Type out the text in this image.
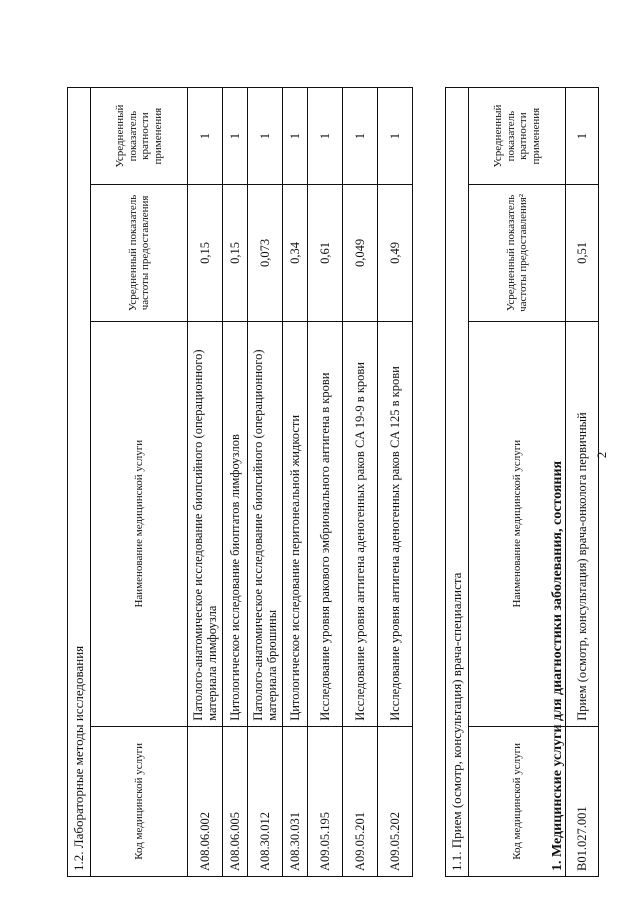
2
1. Медицинские услуги для диагностики заболевания, состояния
1.1. Прием (осмотр, консультация) врача-специалиста			
Код медицинской услуги	Наименование медицинской услуги	Усредненный показатель частоты предоставления²	Усредненный показатель кратности применения
B01.027.001	Прием (осмотр, консультация) врача-онколога первичный	0,51	1
1.2. Лабораторные методы исследования			
Код медицинской услуги	Наименование медицинской услуги	Усредненный показатель частоты предоставления	Усредненный показатель кратности применения
A08.06.002	Патолого-анатомическое исследование биопсийного (операционного) материала лимфоузла	0,15	1
A08.06.005	Цитологическое исследование биоптатов лимфоузлов	0,15	1
A08.30.012	Патолого-анатомическое исследование биопсийного (операционного) материала брюшины	0,073	1
A08.30.031	Цитологическое исследование перитонеальной жидкости	0,34	1
A09.05.195	Исследование уровня ракового эмбрионального антигена в крови	0,61	1
A09.05.201	Исследование уровня антигена аденогенных раков CA 19-9 в крови	0,049	1
A09.05.202	Исследование уровня антигена аденогенных раков CA 125 в крови	0,49	1
